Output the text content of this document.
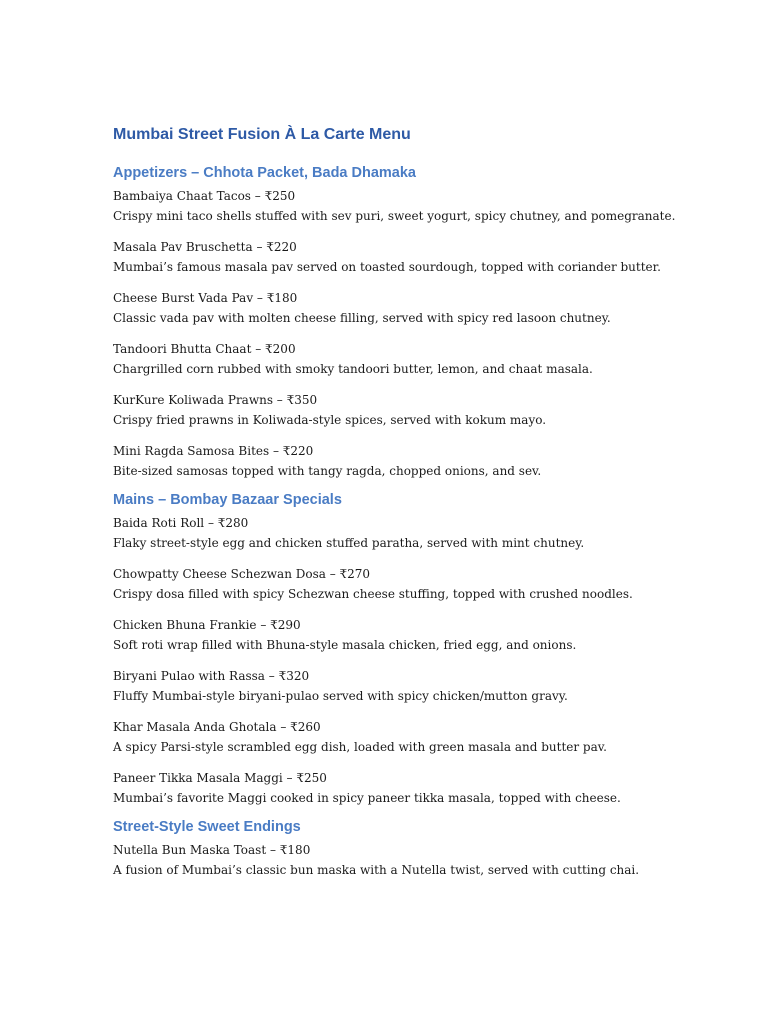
Mumbai Street Fusion À La Carte Menu
Appetizers – Chhota Packet, Bada Dhamaka
Bambaiya Chaat Tacos – ₹250
Crispy mini taco shells stuffed with sev puri, sweet yogurt, spicy chutney, and pomegranate.
Masala Pav Bruschetta – ₹220
Mumbai’s famous masala pav served on toasted sourdough, topped with coriander butter.
Cheese Burst Vada Pav – ₹180
Classic vada pav with molten cheese filling, served with spicy red lasoon chutney.
Tandoori Bhutta Chaat – ₹200
Chargrilled corn rubbed with smoky tandoori butter, lemon, and chaat masala.
KurKure Koliwada Prawns – ₹350
Crispy fried prawns in Koliwada-style spices, served with kokum mayo.
Mini Ragda Samosa Bites – ₹220
Bite-sized samosas topped with tangy ragda, chopped onions, and sev.
Mains – Bombay Bazaar Specials
Baida Roti Roll – ₹280
Flaky street-style egg and chicken stuffed paratha, served with mint chutney.
Chowpatty Cheese Schezwan Dosa – ₹270
Crispy dosa filled with spicy Schezwan cheese stuffing, topped with crushed noodles.
Chicken Bhuna Frankie – ₹290
Soft roti wrap filled with Bhuna-style masala chicken, fried egg, and onions.
Biryani Pulao with Rassa – ₹320
Fluffy Mumbai-style biryani-pulao served with spicy chicken/mutton gravy.
Khar Masala Anda Ghotala – ₹260
A spicy Parsi-style scrambled egg dish, loaded with green masala and butter pav.
Paneer Tikka Masala Maggi – ₹250
Mumbai’s favorite Maggi cooked in spicy paneer tikka masala, topped with cheese.
Street-Style Sweet Endings
Nutella Bun Maska Toast – ₹180
A fusion of Mumbai’s classic bun maska with a Nutella twist, served with cutting chai.
